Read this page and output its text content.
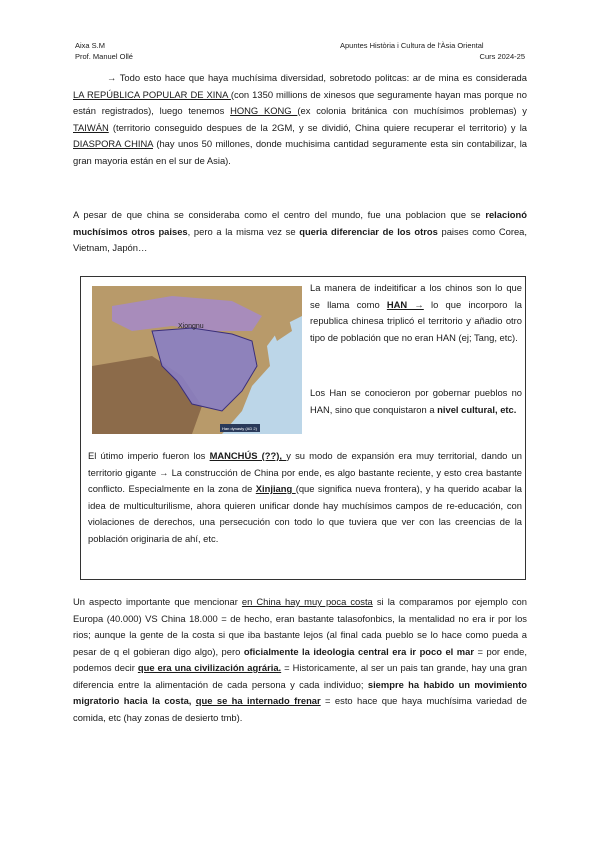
Aixa S.M
Prof. Manuel Ollé
Apuntes Història i Cultura de l'Àsia Oriental
Curs 2024-25
→ Todo esto hace que haya muchísima diversidad, sobretodo politcas: ar de mina es considerada LA REPÚBLICA POPULAR DE XINA (con 1350 millions de xinesos que seguramente hayan mas porque no están registrados), luego tenemos HONG KONG (ex colonia británica con muchísimos problemas) y TAIWÁN (territorio conseguido despues de la 2GM, y se dividió, China quiere recuperar el territorio) y la DIASPORA CHINA (hay unos 50 millones, donde muchisima cantidad seguramente esta sin contabilizar, la gran mayoria están en el sur de Asia).
A pesar de que china se consideraba como el centro del mundo, fue una poblacion que se relacionó muchísimos otros paises, pero a la misma vez se queria diferenciar de los otros paises como Corea, Vietnam, Japón…
Xiongnu
Han dynasty (AD 2)
La manera de indeitificar a los chinos son lo que se llama como HAN → lo que incorporo la republica chinesa triplicó el territorio y añadio otro tipo de población que no eran HAN (ej; Tang, etc).
Los Han se conocieron por gobernar pueblos no HAN, sino que conquistaron a nivel cultural, etc.
El útimo imperio fueron los MANCHÚS (??), y su modo de expansión era muy territorial, dando un territorio gigante → La construcción de China por ende, es algo bastante reciente, y esto crea bastante conflicto. Especialmente en la zona de Xinjiang (que significa nueva frontera), y ha querido acabar la idea de multiculturilisme, ahora quieren unificar donde hay muchísimos campos de re-educación, con violaciones de derechos, una persecución con todo lo que tuviera que ver con las creencias de la población originaria de ahí, etc.
Un aspecto importante que mencionar en China hay muy poca costa si la comparamos por ejemplo con Europa (40.000) VS China 18.000 = de hecho, eran bastante talasofonbics, la mentalidad no era ir por los rios; aunque la gente de la costa si que iba bastante lejos (al final cada pueblo se lo hace como pueda a pesar de q el gobieran digo algo), pero oficialmente la ideologia central era ir poco el mar = por ende, podemos decir que era una civilización agrária. = Historicamente, al ser un pais tan grande, hay una gran diferencia entre la alimentación de cada persona y cada individuo; siempre ha habido un movimiento migratorio hacia la costa, que se ha internado frenar = esto hace que haya muchísima variedad de comida, etc (hay zonas de desierto tmb).
